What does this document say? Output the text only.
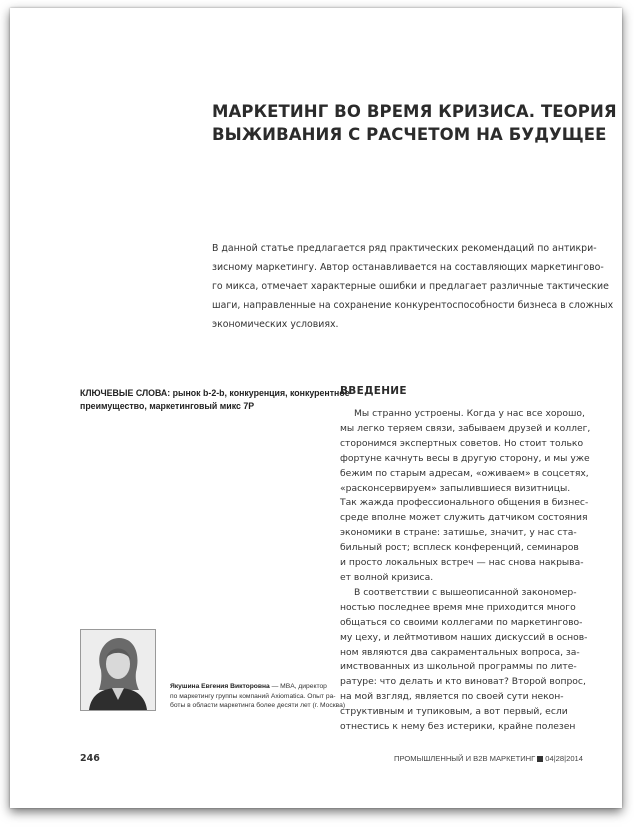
МАРКЕТИНГ ВО ВРЕМЯ КРИЗИСА. ТЕОРИЯ
ВЫЖИВАНИЯ С РАСЧЕТОМ НА БУДУЩЕЕ
В данной статье предлагается ряд практических рекомендаций по антикри-
зисному маркетингу. Автор останавливается на составляющих маркетингово-
го микса, отмечает характерные ошибки и предлагает различные тактические
шаги, направленные на сохранение конкурентоспособности бизнеса в сложных
экономических условиях.
КЛЮЧЕВЫЕ СЛОВА: рынок b-2-b, конкуренция, конкурентное
преимущество, маркетинговый микс 7P
ВВЕДЕНИЕ
Мы странно устроены. Когда у нас все хорошо,
мы легко теряем связи, забываем друзей и коллег,
сторонимся экспертных советов. Но стоит только
фортуне качнуть весы в другую сторону, и мы уже
бежим по старым адресам, «оживаем» в соцсетях,
«расконсервируем» запылившиеся визитницы.
Так жажда профессионального общения в бизнес-
среде вполне может служить датчиком состояния
экономики в стране: затишье, значит, у нас ста-
бильный рост; всплеск конференций, семинаров
и просто локальных встреч — нас снова накрыва-
ет волной кризиса.
В соответствии с вышеописанной закономер-
ностью последнее время мне приходится много
общаться со своими коллегами по маркетингово-
му цеху, и лейтмотивом наших дискуссий в основ-
ном являются два сакраментальных вопроса, за-
имствованных из школьной программы по лите-
ратуре: что делать и кто виноват? Второй вопрос,
на мой взгляд, является по своей сути некон-
структивным и тупиковым, а вот первый, если
отнестись к нему без истерики, крайне полезен
Якушина Евгения Викторовна — MBA, директор
по маркетингу группы компаний Axiomatica. Опыт ра-
боты в области маркетинга более десяти лет (г. Москва)
246	ПРОМЫШЛЕННЫЙ И B2B МАРКЕТИНГ 04|28|2014
